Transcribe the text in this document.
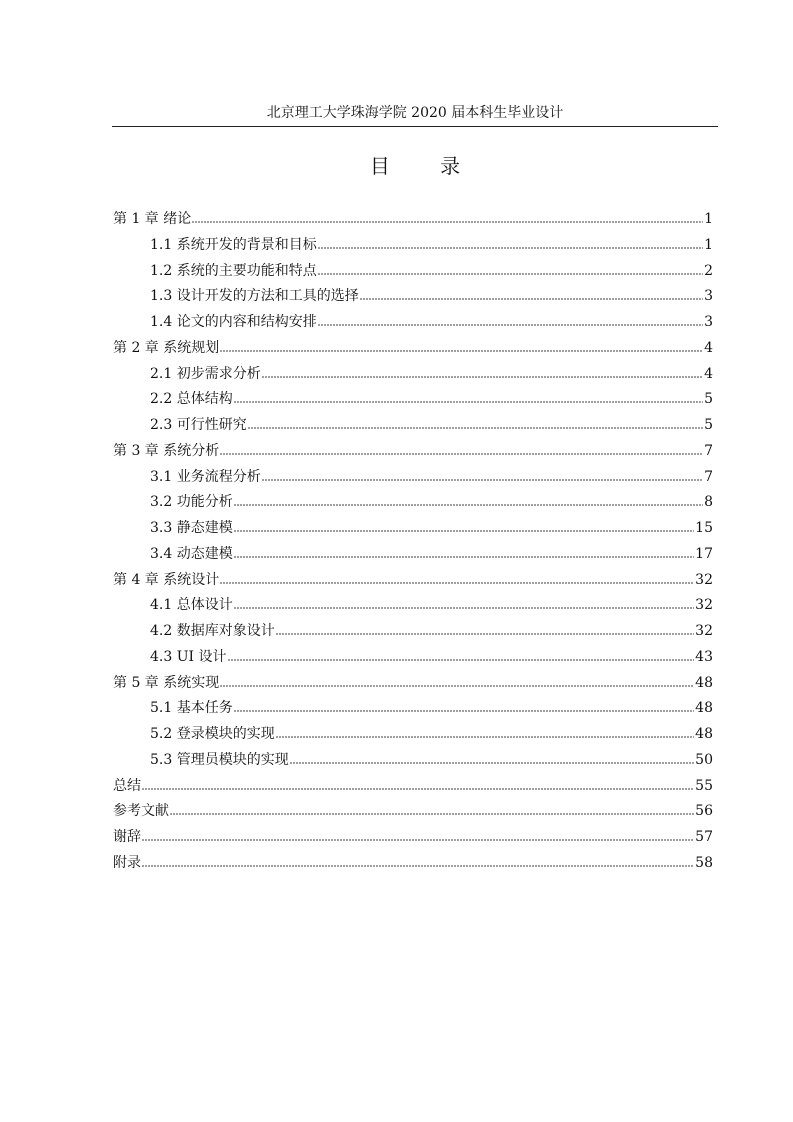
北京理工大学珠海学院 2020 届本科生毕业设计
目 录
第 1 章 绪论	1
1.1 系统开发的背景和目标	1
1.2 系统的主要功能和特点	2
1.3 设计开发的方法和工具的选择	3
1.4 论文的内容和结构安排	3
第 2 章 系统规划	4
2.1 初步需求分析	4
2.2 总体结构	5
2.3 可行性研究	5
第 3 章 系统分析	7
3.1 业务流程分析	7
3.2 功能分析	8
3.3 静态建模	15
3.4 动态建模	17
第 4 章 系统设计	32
4.1 总体设计	32
4.2 数据库对象设计	32
4.3 UI 设计	43
第 5 章 系统实现	48
5.1 基本任务	48
5.2 登录模块的实现	48
5.3 管理员模块的实现	50
总结	55
参考文献	56
谢辞	57
附录	58
